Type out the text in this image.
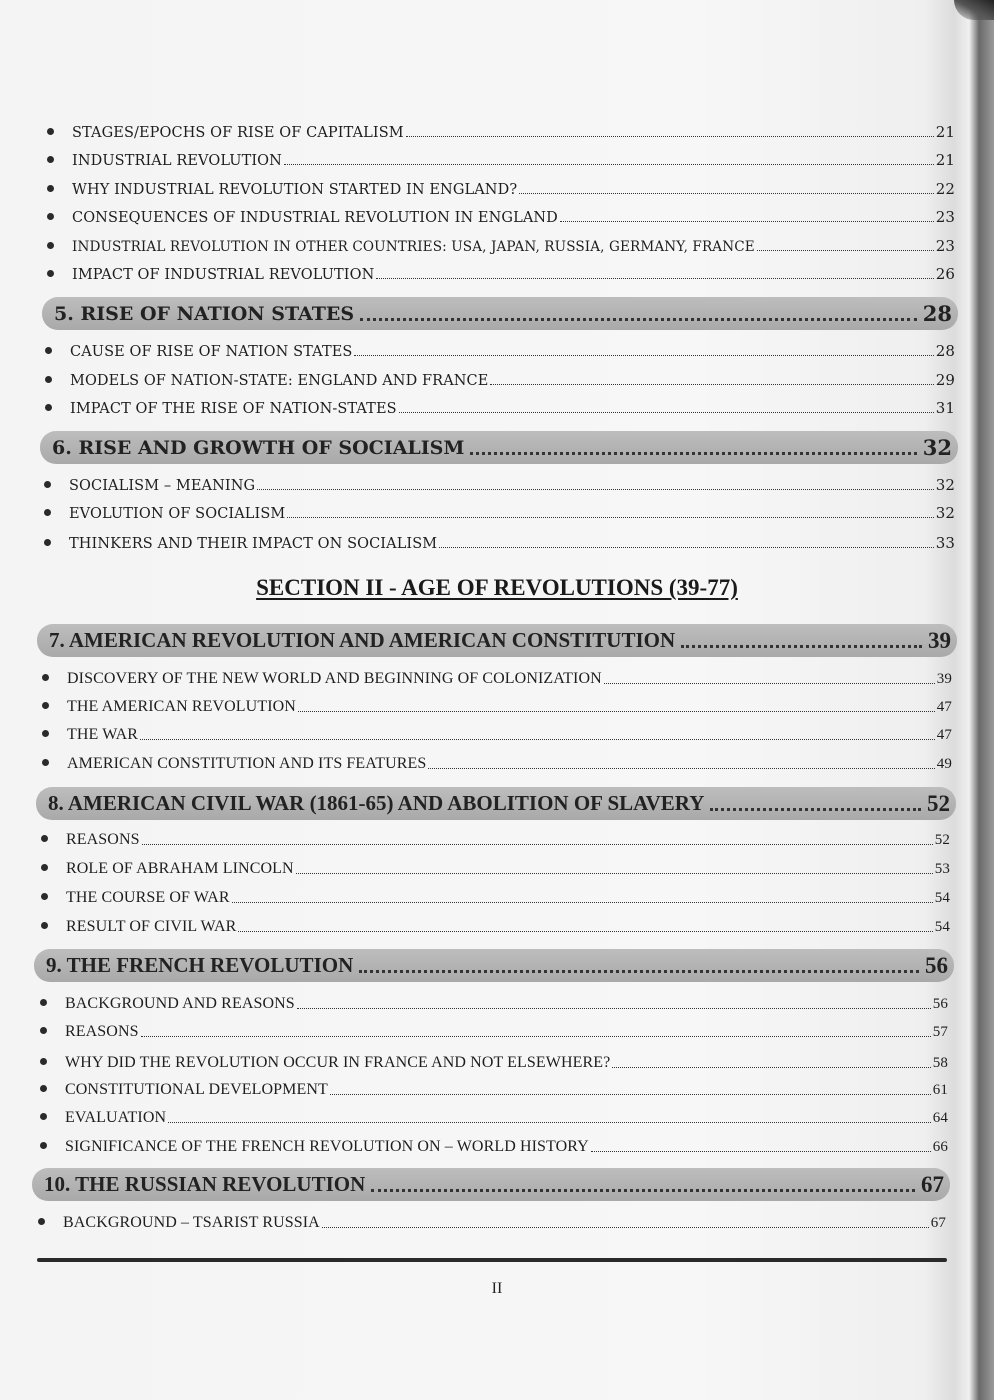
STAGES/EPOCHS OF RISE OF CAPITALISM	21
INDUSTRIAL REVOLUTION	21
WHY INDUSTRIAL REVOLUTION STARTED IN ENGLAND?	22
CONSEQUENCES OF INDUSTRIAL REVOLUTION IN ENGLAND	23
INDUSTRIAL REVOLUTION IN OTHER COUNTRIES: USA, JAPAN, RUSSIA, GERMANY, FRANCE	23
IMPACT OF INDUSTRIAL REVOLUTION	26
5. RISE OF NATION STATES	28
CAUSE OF RISE OF NATION STATES	28
MODELS OF NATION-STATE: ENGLAND AND FRANCE	29
IMPACT OF THE RISE OF NATION-STATES	31
6. RISE AND GROWTH OF SOCIALISM	32
SOCIALISM – MEANING	32
EVOLUTION OF SOCIALISM	32
THINKERS AND THEIR IMPACT ON SOCIALISM	33
SECTION II - AGE OF REVOLUTIONS (39-77)
7. AMERICAN REVOLUTION AND AMERICAN CONSTITUTION	39
DISCOVERY OF THE NEW WORLD AND BEGINNING OF COLONIZATION	39
THE AMERICAN REVOLUTION	47
THE WAR	47
AMERICAN CONSTITUTION AND ITS FEATURES	49
8. AMERICAN CIVIL WAR (1861-65) AND ABOLITION OF SLAVERY	52
REASONS	52
ROLE OF ABRAHAM LINCOLN	53
THE COURSE OF WAR	54
RESULT OF CIVIL WAR	54
9. THE FRENCH REVOLUTION	56
BACKGROUND AND REASONS	56
REASONS	57
WHY DID THE REVOLUTION OCCUR IN FRANCE AND NOT ELSEWHERE?	58
CONSTITUTIONAL DEVELOPMENT	61
EVALUATION	64
SIGNIFICANCE OF THE FRENCH REVOLUTION ON – WORLD HISTORY	66
10. THE RUSSIAN REVOLUTION	67
BACKGROUND – TSARIST RUSSIA	67
II
